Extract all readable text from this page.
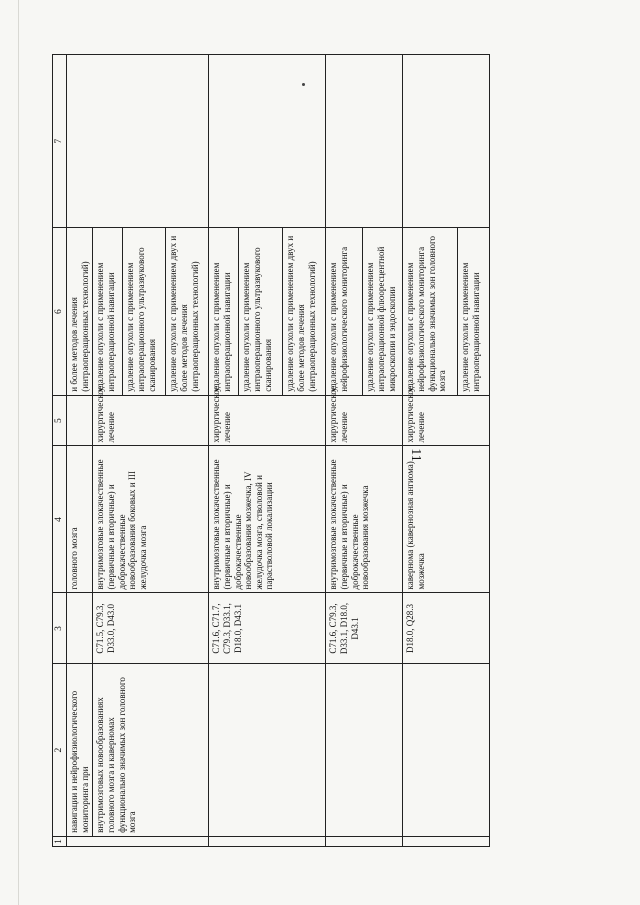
11
1	2	3	4	5	6	7
	навигации и нейрофизиологического мониторинга при		головного мозга		и более методов лечения (интраоперационных технологий)	
	внутримозговых новообразованиях головного мозга и каверномах функционально значимых зон головного мозга	C71.5, C79.3, D33.0, D43.0	внутримозговые злокачественные (первичные и вторичные) и доброкачественные новообразования боковых и III желудочка мозга	хирургическое лечение	удаление опухоли с применением интраоперационной навигации	
					удаление опухоли с применением интраоперационного ультразвукового сканирования	
					удаление опухоли с применением двух и более методов лечения (интраоперационных технологий)	
		C71.6, C71.7, C79.3, D33.1, D18.0, D43.1	внутримозговые злокачественные (первичные и вторичные) и доброкачественные новообразования мозжечка, IV желудочка мозга, стволовой и парастволовой локализации	хирургическое лечение	удаление опухоли с применением интраоперационной навигации	
					удаление опухоли с применением интраоперационного ультразвукового сканирования	
					удаление опухоли с применением двух и более методов лечения (интраоперационных технологий)	
		C71.6, C79.3, D33.1, D18.0, D43.1	внутримозговые злокачественные (первичные и вторичные) и доброкачественные новообразования мозжечка	хирургическое лечение	удаление опухоли с применением нейрофизиологического мониторинга	
					удаление опухоли с применением интраоперационной флюоресцентной микроскопии и эндоскопии	
		D18.0, Q28.3	кавернома (кавернозная ангиома) мозжечка	хирургическое лечение	удаление опухоли с применением нейрофизиологического мониторинга функционально значимых зон головного мозга	
					удаление опухоли с применением интраоперационной навигации	
